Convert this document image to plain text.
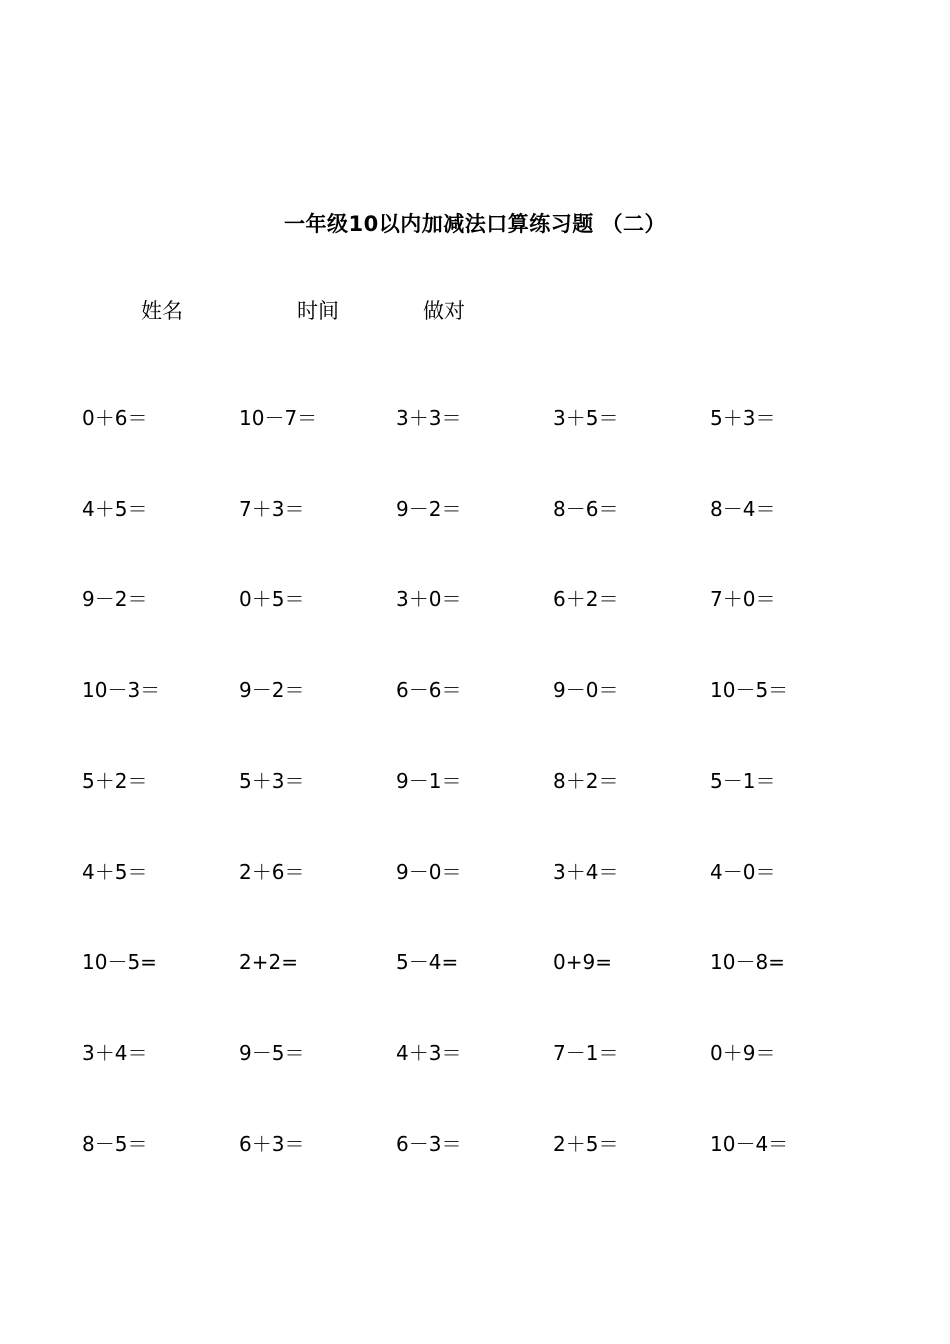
一年级10以内加减法口算练习题 （二）
姓名	时间	做对
0＋6＝	10－7＝	3＋3＝	3＋5＝	5＋3＝
4＋5＝	7＋3＝	9－2＝	8－6＝	8－4＝
9－2＝	0＋5＝	3＋0＝	6＋2＝	7＋0＝
10－3＝	9－2＝	6－6＝	9－0＝	10－5＝
5＋2＝	5＋3＝	9－1＝	8＋2＝	5－1＝
4＋5＝	2＋6＝	9－0＝	3＋4＝	4－0＝
10－5=	2+2=	5－4=	0+9=	10－8=
3＋4＝	9－5＝	4＋3＝	7－1＝	0＋9＝
8－5＝	6＋3＝	6－3＝	2＋5＝	10－4＝
